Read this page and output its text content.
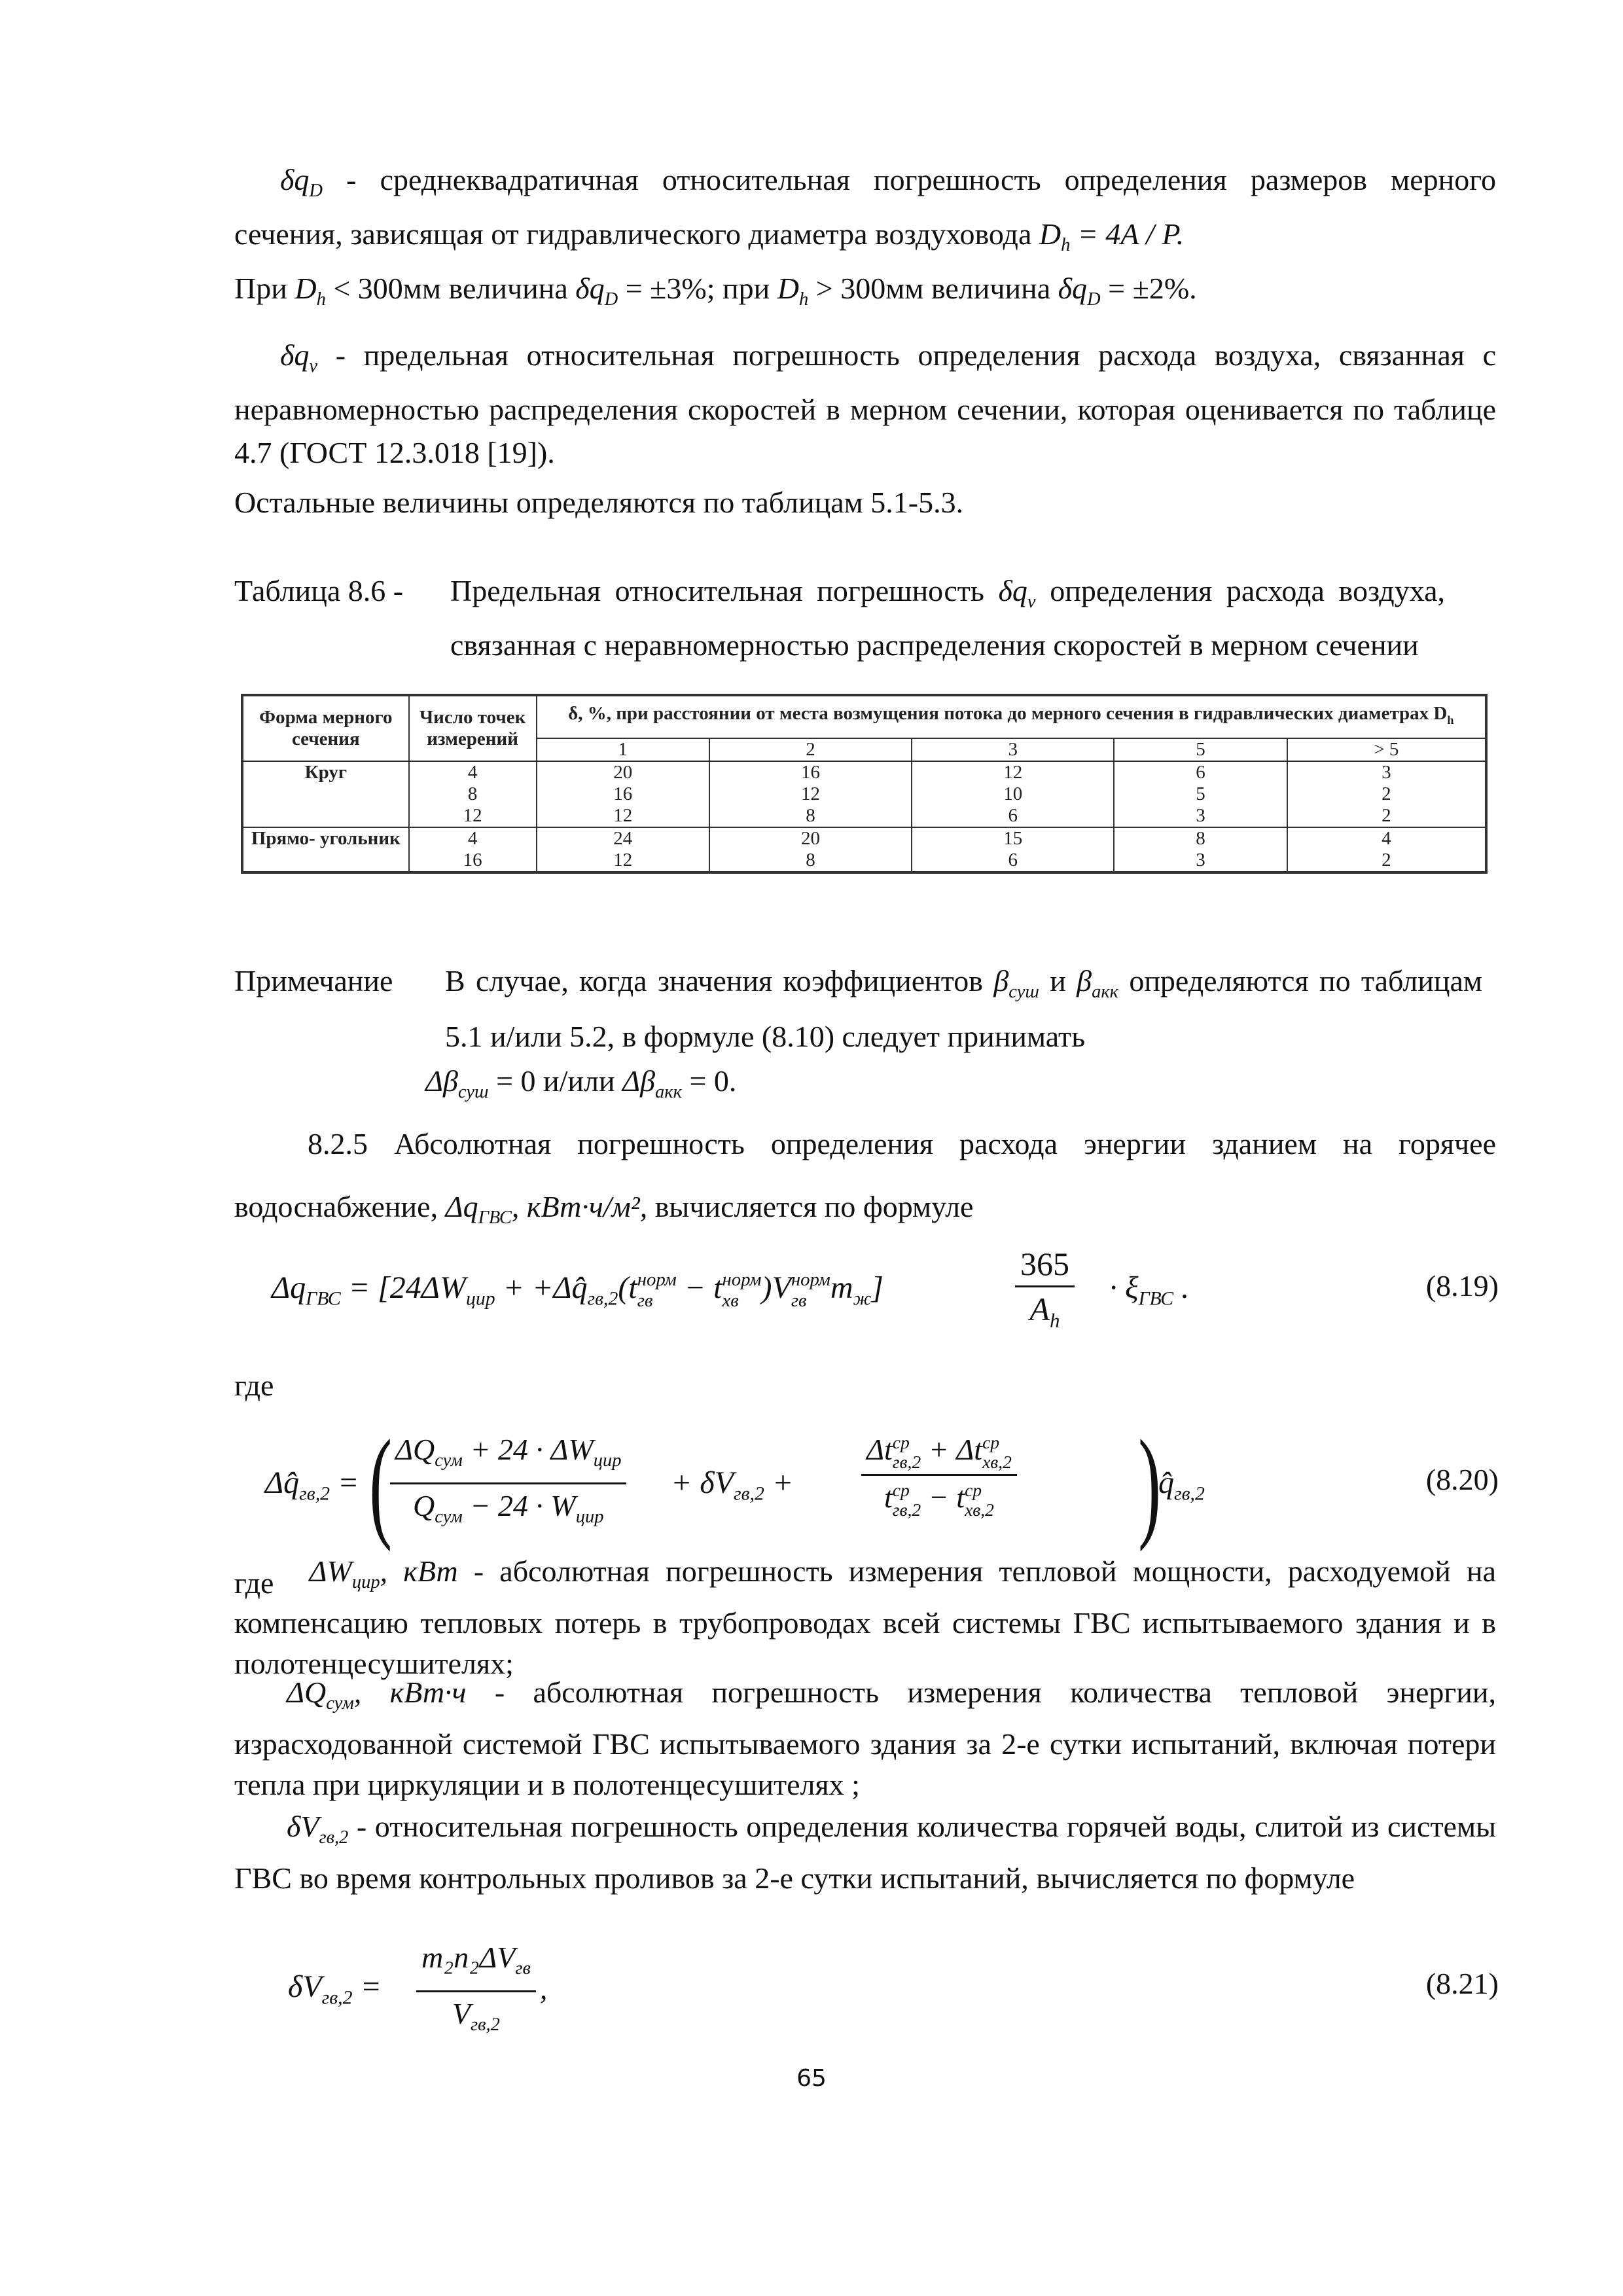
$\delta q_D$ - среднеквадратичная относительная погрешность определения размеров мерного сечения, зависящая от гидравлического диаметра воздуховода $D_h = 4A / P$.
При $D_h < 300мм$ величина $\delta q_D = \pm 3\%$; при $D_h > 300мм$ величина $\delta q_D = \pm 2\%$.
$\delta q_v$ - предельная относительная погрешность определения расхода воздуха, связанная с неравномерностью распределения скоростей в мерном сечении, которая оценивается по таблице 4.7 (ГОСТ 12.3.018 [19]).
Остальные величины определяются по таблицам 5.1-5.3.
Таблица 8.6 - Предельная относительная погрешность $\delta q_v$ определения расхода воздуха, связанная с неравномерностью распределения скоростей в мерном сечении
Форма мерного сечения	Число точек измерений	δ, %, при расстоянии от места возмущения потока до мерного сечения в гидравлических диаметрах $D_h$
		1	2	3	5	> 5
Круг	4	20	16	12	6	3
	8	16	12	10	5	2
	12	12	8	6	3	2
Прямо- угольник	4	24	20	15	8	4
	16	12	8	6	3	2
Примечание В случае, когда значения коэффициентов $\beta_{суш}$ и $\beta_{акк}$ определяются по таблицам 5.1 и/или 5.2, в формуле (8.10) следует принимать
$\Delta\beta_{суш} = 0$ и/или $\Delta\beta_{акк} = 0$.
8.2.5 Абсолютная погрешность определения расхода энергии зданием на горячее водоснабжение, $\Delta q_{ГВС}$, кВт·ч/м², вычисляется по формуле
$\Delta q_{ГВС} = [24\Delta W_{цир}$ + $+\Delta q̂_{гв,2}(t$ норм
гв − t норм
хв )V норм
гв $m_ж$]	$\frac{365}{A_h} \cdot \xi_{ГВС}$ .	(8.19)
где
$\Delta q̂_{гв,2}$ = (
$\frac{\Delta Q_{сум} + 24 \cdot \Delta W_{цир}}{Q_{сум} - 24 \cdot W_{цир}} + \delta V_{гв,2} + \Delta t$ ср
гв,2 + Δt ср
хв,2
t ср
гв,2 − t ср
хв,2 )
$q̂_{гв,2}$	(8.20)
где $\Delta W_{цир}$, кВт - абсолютная погрешность измерения тепловой мощности, расходуемой на компенсацию тепловых потерь в трубопроводах всей системы ГВС испытываемого здания и в полотенцесушителях;
$\Delta Q_{сум}$, кВт·ч - абсолютная погрешность измерения количества тепловой энергии, израсходованной системой ГВС испытываемого здания за 2-е сутки испытаний, включая потери тепла при циркуляции и в полотенцесушителях ;
$\delta V_{гв,2}$ - относительная погрешность определения количества горячей воды, слитой из системы ГВС во время контрольных проливов за 2-е сутки испытаний, вычисляется по формуле
$\delta V_{гв,2} = \frac{m_2n_2\Delta V_{гв}}{V_{гв,2}}$ ,	(8.21)
65
